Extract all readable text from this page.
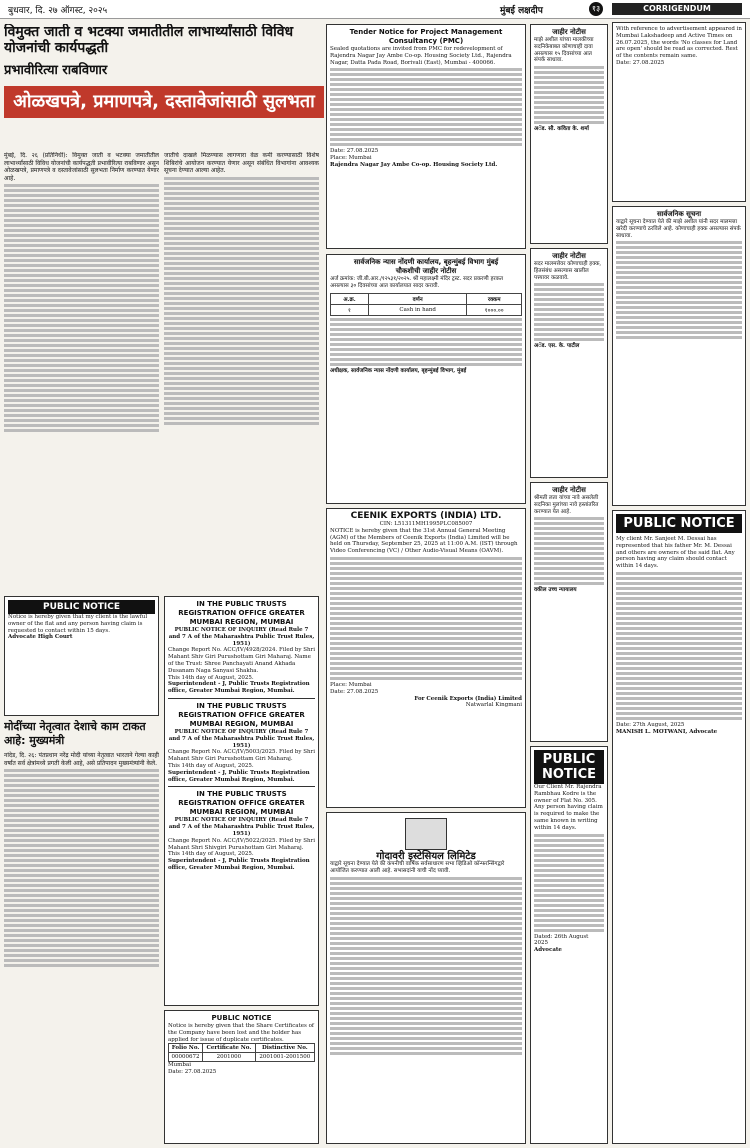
बुधवार, दि. २७ ऑगस्ट, २०२५	मुंबई लक्षदीप	१३	CORRIGENDUM
विमुक्त जाती व भटक्या जमातीतील लाभार्थ्यांसाठी विविध योजनांची कार्यपद्धती
प्रभावीरित्या राबविणार
ओळखपत्रे, प्रमाणपत्रे, दस्तावेजांसाठी सुलभता
मुंबई, दि. २६ (प्रतिनिधी): विमुक्त जाती व भटक्या जमातीतील लाभार्थ्यांसाठी विविध योजनांची कार्यपद्धती प्रभावीरित्या राबविणार असून ओळखपत्रे, प्रमाणपत्रे व दस्तावेजांसाठी सुलभता निर्माण करण्यात येणार आहे.
जातीचे दाखले मिळण्यास लागणारा वेळ कमी करण्यासाठी विशेष शिबिरांचे आयोजन करण्यात येणार असून संबंधित विभागांना आवश्यक सूचना देण्यात आल्या आहेत.
PUBLIC NOTICE
Notice is hereby given that my client is the lawful owner of the flat and any person having claim is requested to contact within 15 days.
Advocate High Court
मोदींच्या नेतृत्वात देशाचे काम टाकत आहे: मुख्यमंत्री
नांदेड, दि. २६: पंतप्रधान नरेंद्र मोदी यांच्या नेतृत्वात भारताने गेल्या काही वर्षांत सर्व क्षेत्रांमध्ये प्रगती केली आहे, असे प्रतिपादन मुख्यमंत्र्यांनी केले.
PUBLIC NOTICE
Notice is hereby given that the Share Certificates of the Company have been lost and the holder has applied for issue of duplicate certificates.
Folio No.	Certificate No.	Distinctive No.
00000672	2001000	2001001-2001500
Mumbai
Date: 27.08.2025
IN THE PUBLIC TRUSTS REGISTRATION OFFICE GREATER MUMBAI REGION, MUMBAI
PUBLIC NOTICE OF INQUIRY (Read Rule 7 and 7 A of the Maharashtra Public Trust Rules, 1951)
Change Report No. ACC/IV/4928/2024. Filed by Shri Mahant Shiv Giri Purushottam Giri Maharaj. Name of the Trust: Shree Panchayati Anand Akhada Dusanam Naga Sanyasi Shakha.
This 14th day of August, 2025.
Superintendent - J, Public Trusts Registration office, Greater Mumbai Region, Mumbai.
IN THE PUBLIC TRUSTS REGISTRATION OFFICE GREATER MUMBAI REGION, MUMBAI
PUBLIC NOTICE OF INQUIRY (Read Rule 7 and 7 A of the Maharashtra Public Trust Rules, 1951)
Change Report No. ACC/IV/5003/2025. Filed by Shri Mahant Shiv Giri Purushottam Giri Maharaj.
This 14th day of August, 2025.
Superintendent - J, Public Trusts Registration office, Greater Mumbai Region, Mumbai.
IN THE PUBLIC TRUSTS REGISTRATION OFFICE GREATER MUMBAI REGION, MUMBAI
PUBLIC NOTICE OF INQUIRY (Read Rule 7 and 7 A of the Maharashtra Public Trust Rules, 1951)
Change Report No. ACC/IV/5022/2025. Filed by Shri Mahant Shri Shivgiri Purushottam Giri Maharaj.
This 14th day of August, 2025.
Superintendent - J, Public Trusts Registration office, Greater Mumbai Region, Mumbai.
Tender Notice for Project Management Consultancy (PMC)
Sealed quotations are invited from PMC for redevelopment of Rajendra Nagar Jay Ambe Co-op. Housing Society Ltd., Rajendra Nagar, Datta Pada Road, Borivali (East), Mumbai - 400066.
Date: 27.08.2025
Place: Mumbai
Rajendra Nagar Jay Ambe Co-op. Housing Society Ltd.
सार्वजनिक न्यास नोंदणी कार्यालय, बृहन्मुंबई विभाग मुंबई
चौकशीची जाहीर नोटीस
अर्ज क्रमांक: जी.बी.आर./१२५३१/२०२५. श्री महालक्ष्मी मंदिर ट्रस्ट. सदर प्रकरणी हरकत असल्यास ३० दिवसांच्या आत कार्यालयात सादर करावी.
अ.क्र.	वर्णन	रक्कम
१	Cash in hand	१०००.००
अधीक्षक, सार्वजनिक न्यास नोंदणी कार्यालय, बृहन्मुंबई विभाग, मुंबई
CEENIK EXPORTS (INDIA) LTD.
CIN: L51311MH1995PLC085007
NOTICE is hereby given that the 31st Annual General Meeting (AGM) of the Members of Ceenik Exports (India) Limited will be held on Thursday, September 25, 2025 at 11:00 A.M. (IST) through Video Conferencing (VC) / Other Audio-Visual Means (OAVM).
Place: Mumbai
Date: 27.08.2025
For Ceenik Exports (India) Limited
Natwarlal Kingmani
गोदावरी इस्टेसियल लिमिटेड
याद्वारे सूचना देण्यात येते की कंपनीची वार्षिक सर्वसाधारण सभा व्हिडिओ कॉन्फरन्सिंगद्वारे आयोजित करण्यात आली आहे. सभासदांनी याची नोंद घ्यावी.
जाहीर नोटीस
माझे अशील यांच्या मालकीच्या सदनिकेबाबत कोणाचाही दावा असल्यास १५ दिवसांच्या आत संपर्क साधावा.
अॅड. सौ. कविता के. शर्मा
जाहीर नोटीस
सदर मालमत्तेवर कोणाचाही हक्क, हितसंबंध असल्यास खालील पत्त्यावर कळवावे.
अॅड. एस. के. पाटील
जाहीर नोटीस
श्रीमती लता यांच्या नावे असलेली सदनिका मुलांच्या नावे हस्तांतरित करण्यात येत आहे.
वकील उच्च न्यायालय
PUBLIC NOTICE
Our Client Mr. Rajendra Rambhau Kodre is the owner of Flat No. 305. Any person having claim is required to make the same known in writing within 14 days.
Dated: 26th August 2025
Advocate
With reference to advertisement appeared in Mumbai Lakshadeep and Active Times on 26.07.2025, the words 'No classes for Land are open' should be read as corrected. Rest of the contents remain same.
Date: 27.08.2025
सार्वजनिक सूचना
याद्वारे सूचना देण्यात येते की माझे अशील यांनी सदर मालमत्ता खरेदी करण्याचे ठरविले आहे. कोणाचाही हक्क असल्यास संपर्क साधावा.
PUBLIC NOTICE
My client Mr. Sanjeet M. Dessai has represented that his father Mr. M. Dessai and others are owners of the said flat. Any person having any claim should contact within 14 days.
Date: 27th August, 2025
MANISH L. MOTWANI, Advocate
